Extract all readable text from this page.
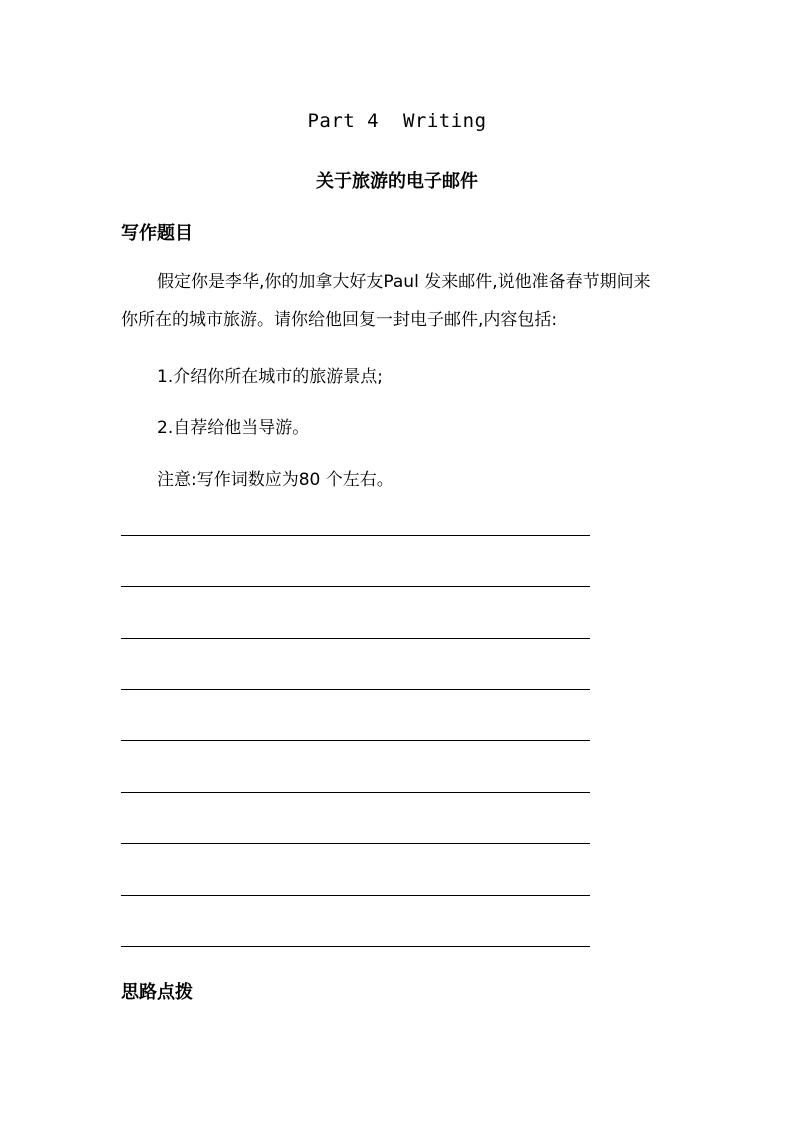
Part 4  Writing
关于旅游的电子邮件
写作题目
假定你是李华,你的加拿大好友Paul 发来邮件,说他准备春节期间来你所在的城市旅游。请你给他回复一封电子邮件,内容包括:
1.介绍你所在城市的旅游景点;
2.自荐给他当导游。
注意:写作词数应为80 个左右。
思路点拨
